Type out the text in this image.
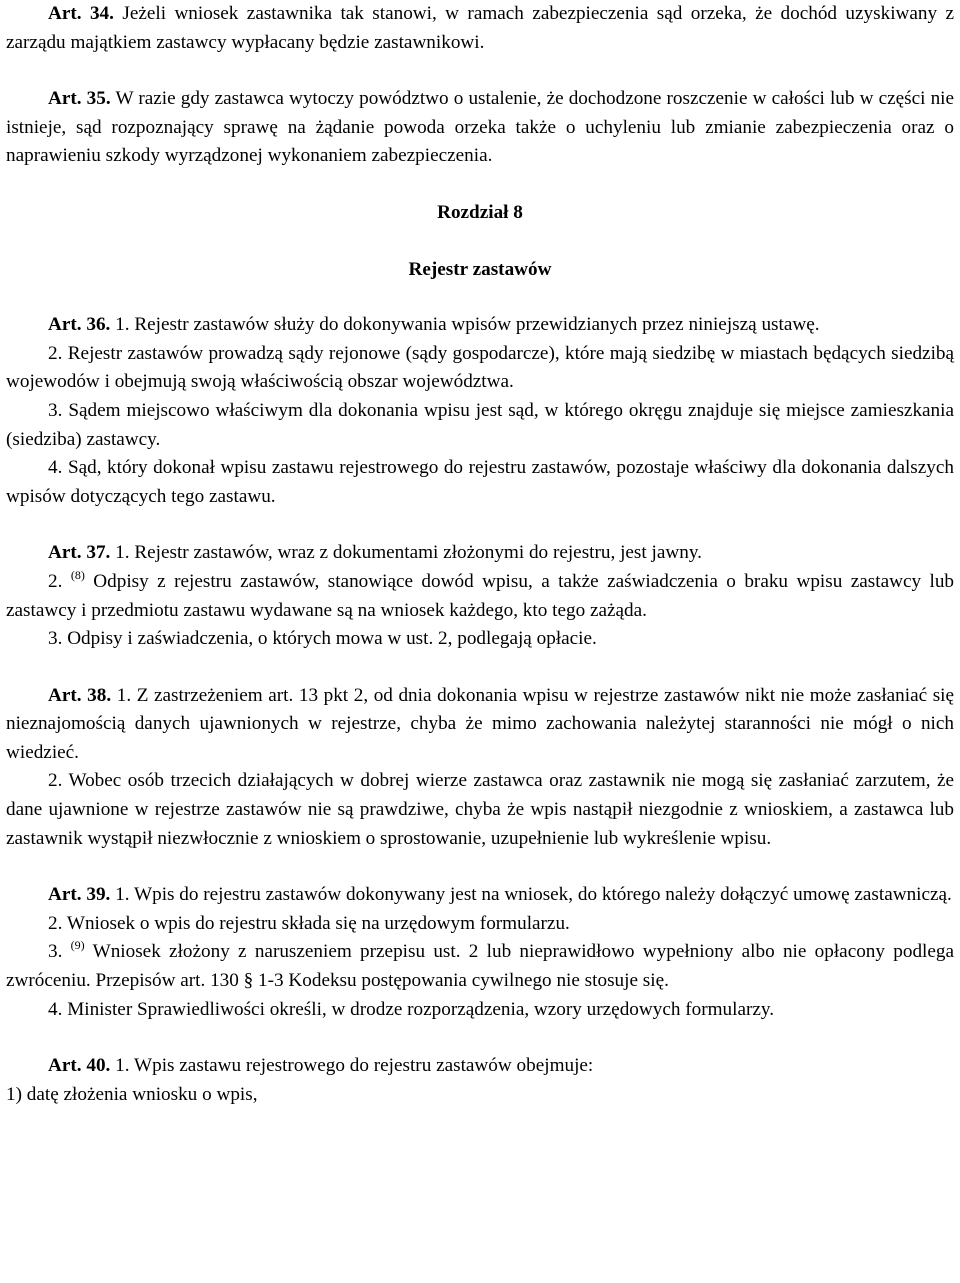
Art. 34. Jeżeli wniosek zastawnika tak stanowi, w ramach zabezpieczenia sąd orzeka, że dochód uzyskiwany z zarządu majątkiem zastawcy wypłacany będzie zastawnikowi.

Art. 35. W razie gdy zastawca wytoczy powództwo o ustalenie, że dochodzone roszczenie w całości lub w części nie istnieje, sąd rozpoznający sprawę na żądanie powoda orzeka także o uchyleniu lub zmianie zabezpieczenia oraz o naprawieniu szkody wyrządzonej wykonaniem zabezpieczenia.

Rozdział 8

Rejestr zastawów

Art. 36. 1. Rejestr zastawów służy do dokonywania wpisów przewidzianych przez niniejszą ustawę.

2. Rejestr zastawów prowadzą sądy rejonowe (sądy gospodarcze), które mają siedzibę w miastach będących siedzibą wojewodów i obejmują swoją właściwością obszar województwa.

3. Sądem miejscowo właściwym dla dokonania wpisu jest sąd, w którego okręgu znajduje się miejsce zamieszkania (siedziba) zastawcy.

4. Sąd, który dokonał wpisu zastawu rejestrowego do rejestru zastawów, pozostaje właściwy dla dokonania dalszych wpisów dotyczących tego zastawu.

Art. 37. 1. Rejestr zastawów, wraz z dokumentami złożonymi do rejestru, jest jawny.

2. $^{(8)}$ Odpisy z rejestru zastawów, stanowiące dowód wpisu, a także zaświadczenia o braku wpisu zastawcy lub zastawcy i przedmiotu zastawu wydawane są na wniosek każdego, kto tego zażąda.

3. Odpisy i zaświadczenia, o których mowa w ust. 2, podlegają opłacie.

Art. 38. 1. Z zastrzeżeniem art. 13 pkt 2, od dnia dokonania wpisu w rejestrze zastawów nikt nie może zasłaniać się nieznajomością danych ujawnionych w rejestrze, chyba że mimo zachowania należytej staranności nie mógł o nich wiedzieć.

2. Wobec osób trzecich działających w dobrej wierze zastawca oraz zastawnik nie mogą się zasłaniać zarzutem, że dane ujawnione w rejestrze zastawów nie są prawdziwe, chyba że wpis nastąpił niezgodnie z wnioskiem, a zastawca lub zastawnik wystąpił niezwłocznie z wnioskiem o sprostowanie, uzupełnienie lub wykreślenie wpisu.

Art. 39. 1. Wpis do rejestru zastawów dokonywany jest na wniosek, do którego należy dołączyć umowę zastawniczą.

2. Wniosek o wpis do rejestru składa się na urzędowym formularzu.

3. $^{(9)}$ Wniosek złożony z naruszeniem przepisu ust. 2 lub nieprawidłowo wypełniony albo nie opłacony podlega zwróceniu. Przepisów art. 130 § 1-3 Kodeksu postępowania cywilnego nie stosuje się.

4. Minister Sprawiedliwości określi, w drodze rozporządzenia, wzory urzędowych formularzy.

Art. 40. 1. Wpis zastawu rejestrowego do rejestru zastawów obejmuje:

1) datę złożenia wniosku o wpis,
